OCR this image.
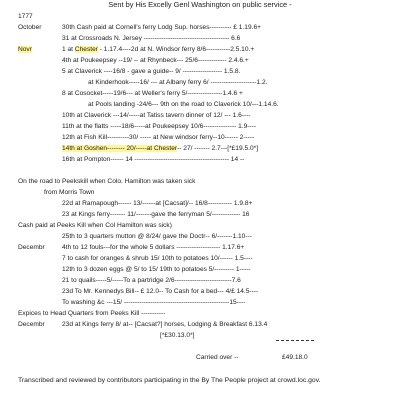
Sent by His Excelly Genl Washington on public service -
1777
October	30th Cash paid at Cornell's ferry Lodg Sup. horses---------- £ 1.19.6+
31 at Crossroads N. Jersey --------------------------------------- 6.6
Novr	1 at Chester - 1.17.4----2d at N. Windsor ferry 8/6-----------2.5.10.+
4th at Poukeepsey --19/ -- at Rhynbeck--- 25/6------------- 2.4.6.+
5 at Claverick ----16/8 - gave a guide-- 9/ ------------------ 1.5.8.
at Kinderhook-----16/ --- at Albany ferry 6/ ---------------------1.2.
8 at Cosocket-----19/6--- at Weller's ferry 5/----------------1.4.6 +
at Pools landing -24/6--- 9th on the road to Claverick 10/---1.14.6.
10th at Claverick ---14/-----at Tatiss tavern dinner of 12/ --- 1.6----
11th at the flatts -----18/6-----at Poukeepsey 10/6--------------- 1.9----
12th at Fish Kill----------30/ ----- at New windsor ferry--10------ 2-----
14th at Goshen-------- 20/-----at Chester-- 27/ ------- 2.7---[*£19.5.0*]
16th at Pompton------ 14 ------------------------------------------- 14 --
On the road to Peekskill when Colo. Hamilton was taken sick
from Morris Town
22d at Ramapough------ 13/------at [Cacsat]/-- 16/8----------- 1.9.8+
23 at Kings ferry------- 11/-------gave the ferryman 5/------------- 16
Cash paid at Peeks Kill when Col Hamilton was sick)
25th to 3 quarters mutton @ 8/24/ gave the Doctr-- 6/-------1.10---
Decembr	4th to 12 fouls---for the whole 5 dollars -------------------- 1.17.6+
7 to cash for oranges & shrub 15/ 10th to potatoes 10/------ 1.5----
12th to 3 dozen eggs @ 5/ to 15/ 19th to potatoes 5/--------- 1-----
21 to quails-----5/-----To a partridge 2/6--------------------------7.6
23d To Mr. Kennedys Bill-- £ 12.0-- To Cash for a bed--- 4/£ 14.5----
To washing &c ---15/ ------------------------------------------------15----
Expices to Head Quarters from Peeks Kill -----------
Decembr	23d at Kings ferry 8/ at-- [Cacsat?] horses, Lodging & Breakfast 6.13.4
[*£30.13.0*]
Carried over --	£49.18.0
Transcribed and reviewed by contributors participating in the By The People project at crowd.loc.gov.
